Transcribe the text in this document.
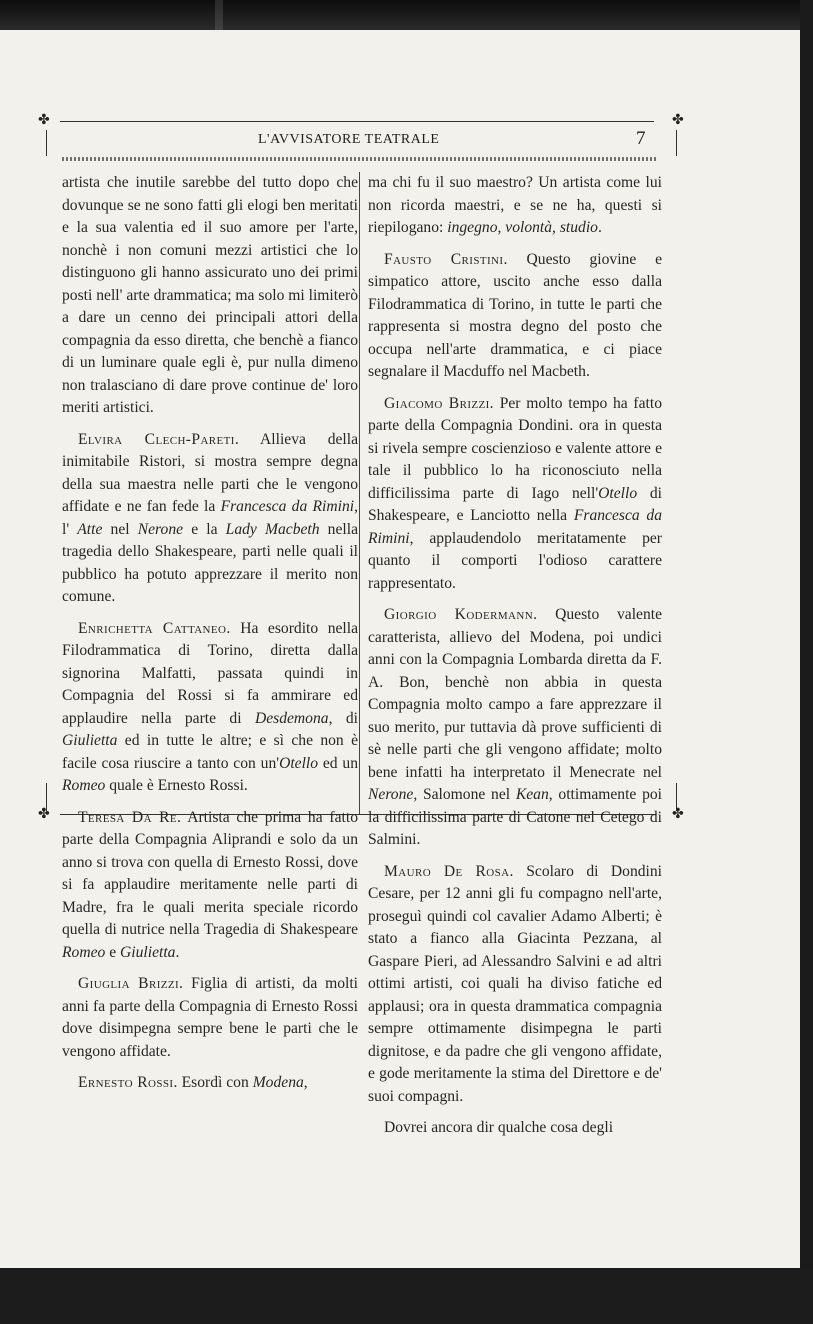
✤	✤
✤	✤
L'AVVISATORE TEATRALE	7

artista che inutile sarebbe del tutto dopo che dovunque se ne sono fatti gli elogi ben meritati e la sua valentia ed il suo amore per l'arte, nonchè i non comuni mezzi artistici che lo distinguono gli hanno assicurato uno dei primi posti nell' arte drammatica; ma solo mi limiterò a dare un cenno dei principali attori della compagnia da esso diretta, che benchè a fianco di un luminare quale egli è, pur nulla dimeno non tralasciano di dare prove continue de' loro meriti artistici.

Elvira Clech-Pareti. Allieva della inimitabile Ristori, si mostra sempre degna della sua maestra nelle parti che le vengono affidate e ne fan fede la Francesca da Rimini, l' Atte nel Nerone e la Lady Macbeth nella tragedia dello Shakespeare, parti nelle quali il pubblico ha potuto apprezzare il merito non comune.

Enrichetta Cattaneo. Ha esordito nella Filodrammatica di Torino, diretta dalla signorina Malfatti, passata quindi in Compagnia del Rossi si fa ammirare ed applaudire nella parte di Desdemona, di Giulietta ed in tutte le altre; e sì che non è facile cosa riuscire a tanto con un'Otello ed un Romeo quale è Ernesto Rossi.

Teresa Da Re. Artista che prima ha fatto parte della Compagnia Aliprandi e solo da un anno si trova con quella di Ernesto Rossi, dove si fa applaudire meritamente nelle parti di Madre, fra le quali merita speciale ricordo quella di nutrice nella Tragedia di Shakespeare Romeo e Giulietta.

Giuglia Brizzi. Figlia di artisti, da molti anni fa parte della Compagnia di Ernesto Rossi dove disimpegna sempre bene le parti che le vengono affidate.

Ernesto Rossi. Esordì con Modena,

ma chi fu il suo maestro? Un artista come lui non ricorda maestri, e se ne ha, questi si riepilogano: ingegno, volontà, studio.

Fausto Cristini. Questo giovine e simpatico attore, uscito anche esso dalla Filodrammatica di Torino, in tutte le parti che rappresenta si mostra degno del posto che occupa nell'arte drammatica, e ci piace segnalare il Macduffo nel Macbeth.

Giacomo Brizzi. Per molto tempo ha fatto parte della Compagnia Dondini. ora in questa si rivela sempre coscienzioso e valente attore e tale il pubblico lo ha riconosciuto nella difficilissima parte di Iago nell'Otello di Shakespeare, e Lanciotto nella Francesca da Rimini, applaudendolo meritatamente per quanto il comporti l'odioso carattere rappresentato.

Giorgio Kodermann. Questo valente caratterista, allievo del Modena, poi undici anni con la Compagnia Lombarda diretta da F. A. Bon, benchè non abbia in questa Compagnia molto campo a fare apprezzare il suo merito, pur tuttavia dà prove sufficienti di sè nelle parti che gli vengono affidate; molto bene infatti ha interpretato il Menecrate nel Nerone, Salomone nel Kean, ottimamente poi la difficilissima parte di Catone nel Cetego di Salmini.

Mauro De Rosa. Scolaro di Dondini Cesare, per 12 anni gli fu compagno nell'arte, proseguì quindi col cavalier Adamo Alberti; è stato a fianco alla Giacinta Pezzana, al Gaspare Pieri, ad Alessandro Salvini e ad altri ottimi artisti, coi quali ha diviso fatiche ed applausi; ora in questa drammatica compagnia sempre ottimamente disimpegna le parti dignitose, e da padre che gli vengono affidate, e gode meritamente la stima del Direttore e de' suoi compagni.

Dovrei ancora dir qualche cosa degli
